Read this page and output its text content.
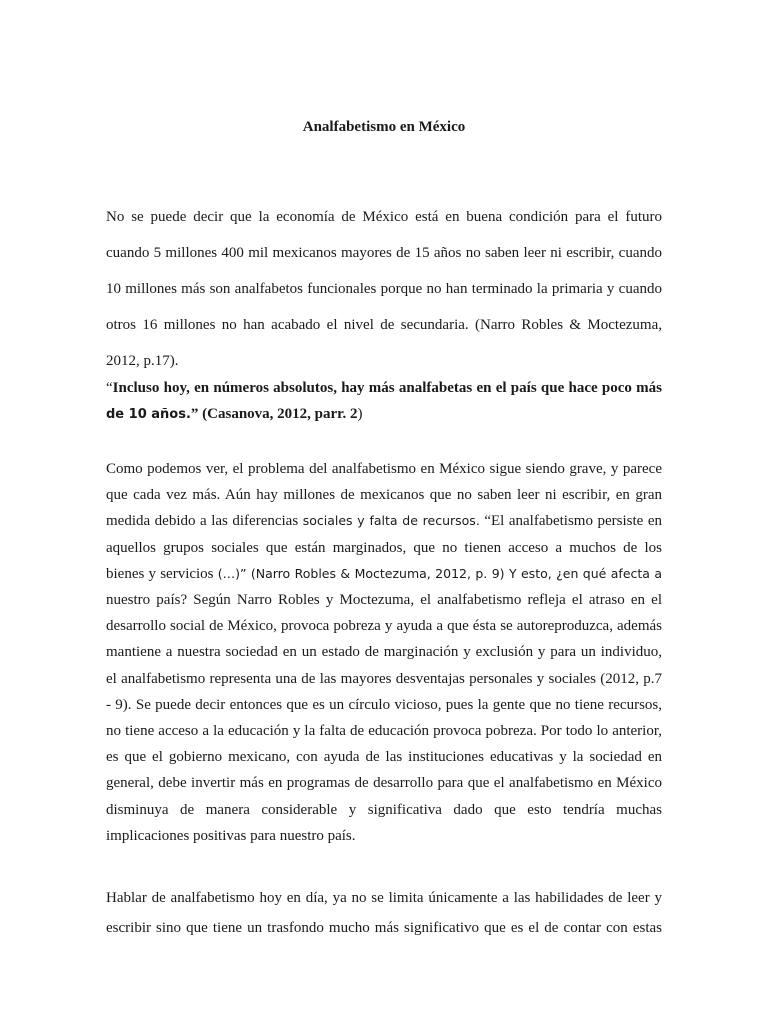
Analfabetismo en México
No se puede decir que la economía de México está en buena condición para el futuro
cuando 5 millones 400 mil mexicanos mayores de 15 años no saben leer ni escribir, cuando
10 millones más son analfabetos funcionales porque no han terminado la primaria y cuando
otros 16 millones no han acabado el nivel de secundaria. (Narro Robles & Moctezuma,
2012, p.17).
“Incluso hoy, en números absolutos, hay más analfabetas en el país que hace poco más
de 10 años.” (Casanova, 2012, parr. 2)
Como podemos ver, el problema del analfabetismo en México sigue siendo grave, y parece
que cada vez más. Aún hay millones de mexicanos que no saben leer ni escribir, en gran
medida debido a las diferencias sociales y falta de recursos. “El analfabetismo persiste en
aquellos grupos sociales que están marginados, que no tienen acceso a muchos de los
bienes y servicios (…)” (Narro Robles & Moctezuma, 2012, p. 9) Y esto, ¿en qué afecta a
nuestro país? Según Narro Robles y Moctezuma, el analfabetismo refleja el atraso en el
desarrollo social de México, provoca pobreza y ayuda a que ésta se autoreproduzca, además
mantiene a nuestra sociedad en un estado de marginación y exclusión y para un individuo,
el analfabetismo representa una de las mayores desventajas personales y sociales (2012, p.7
- 9). Se puede decir entonces que es un círculo vicioso, pues la gente que no tiene recursos,
no tiene acceso a la educación y la falta de educación provoca pobreza. Por todo lo anterior,
es que el gobierno mexicano, con ayuda de las instituciones educativas y la sociedad en
general, debe invertir más en programas de desarrollo para que el analfabetismo en México
disminuya de manera considerable y significativa dado que esto tendría muchas
implicaciones positivas para nuestro país.
Hablar de analfabetismo hoy en día, ya no se limita únicamente a las habilidades de leer y
escribir sino que tiene un trasfondo mucho más significativo que es el de contar con estas
